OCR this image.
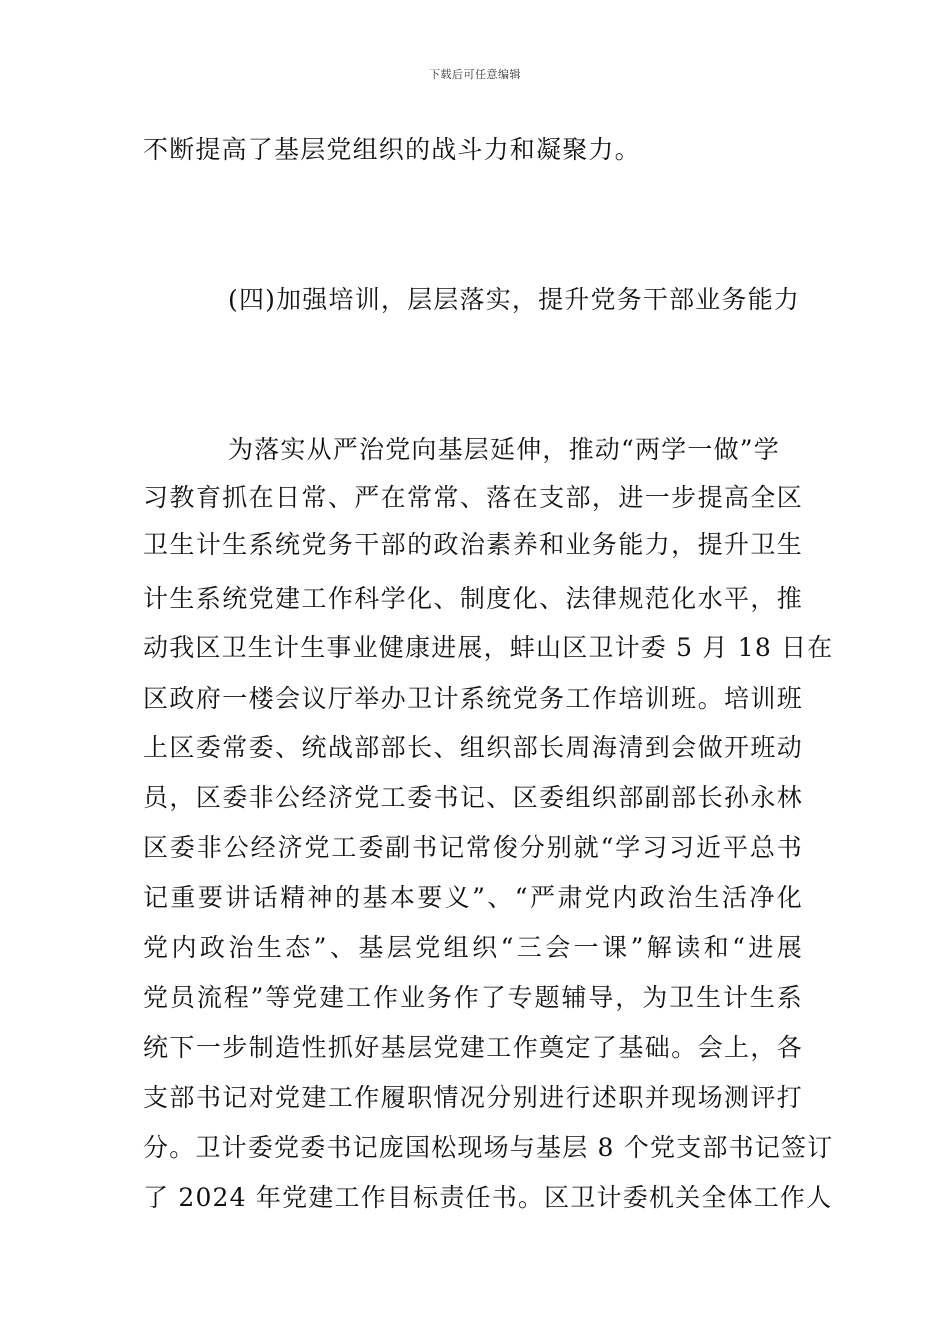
下载后可任意编辑
不断提高了基层党组织的战斗力和凝聚力。
(四)加强培训，层层落实，提升党务干部业务能力
为落实从严治党向基层延伸，推动“两学一做”学
习教育抓在日常、严在常常、落在支部，进一步提高全区
卫生计生系统党务干部的政治素养和业务能力，提升卫生
计生系统党建工作科学化、制度化、法律规范化水平，推
动我区卫生计生事业健康进展，蚌山区卫计委 5 月 18 日在
区政府一楼会议厅举办卫计系统党务工作培训班。培训班
上区委常委、统战部部长、组织部长周海清到会做开班动
员，区委非公经济党工委书记、区委组织部副部长孙永林
区委非公经济党工委副书记常俊分别就“学习习近平总书
记重要讲话精神的基本要义”、“严肃党内政治生活净化
党内政治生态”、基层党组织“三会一课”解读和“进展
党员流程”等党建工作业务作了专题辅导，为卫生计生系
统下一步制造性抓好基层党建工作奠定了基础。会上，各
支部书记对党建工作履职情况分别进行述职并现场测评打
分。卫计委党委书记庞国松现场与基层 8 个党支部书记签订
了 2024 年党建工作目标责任书。区卫计委机关全体工作人
